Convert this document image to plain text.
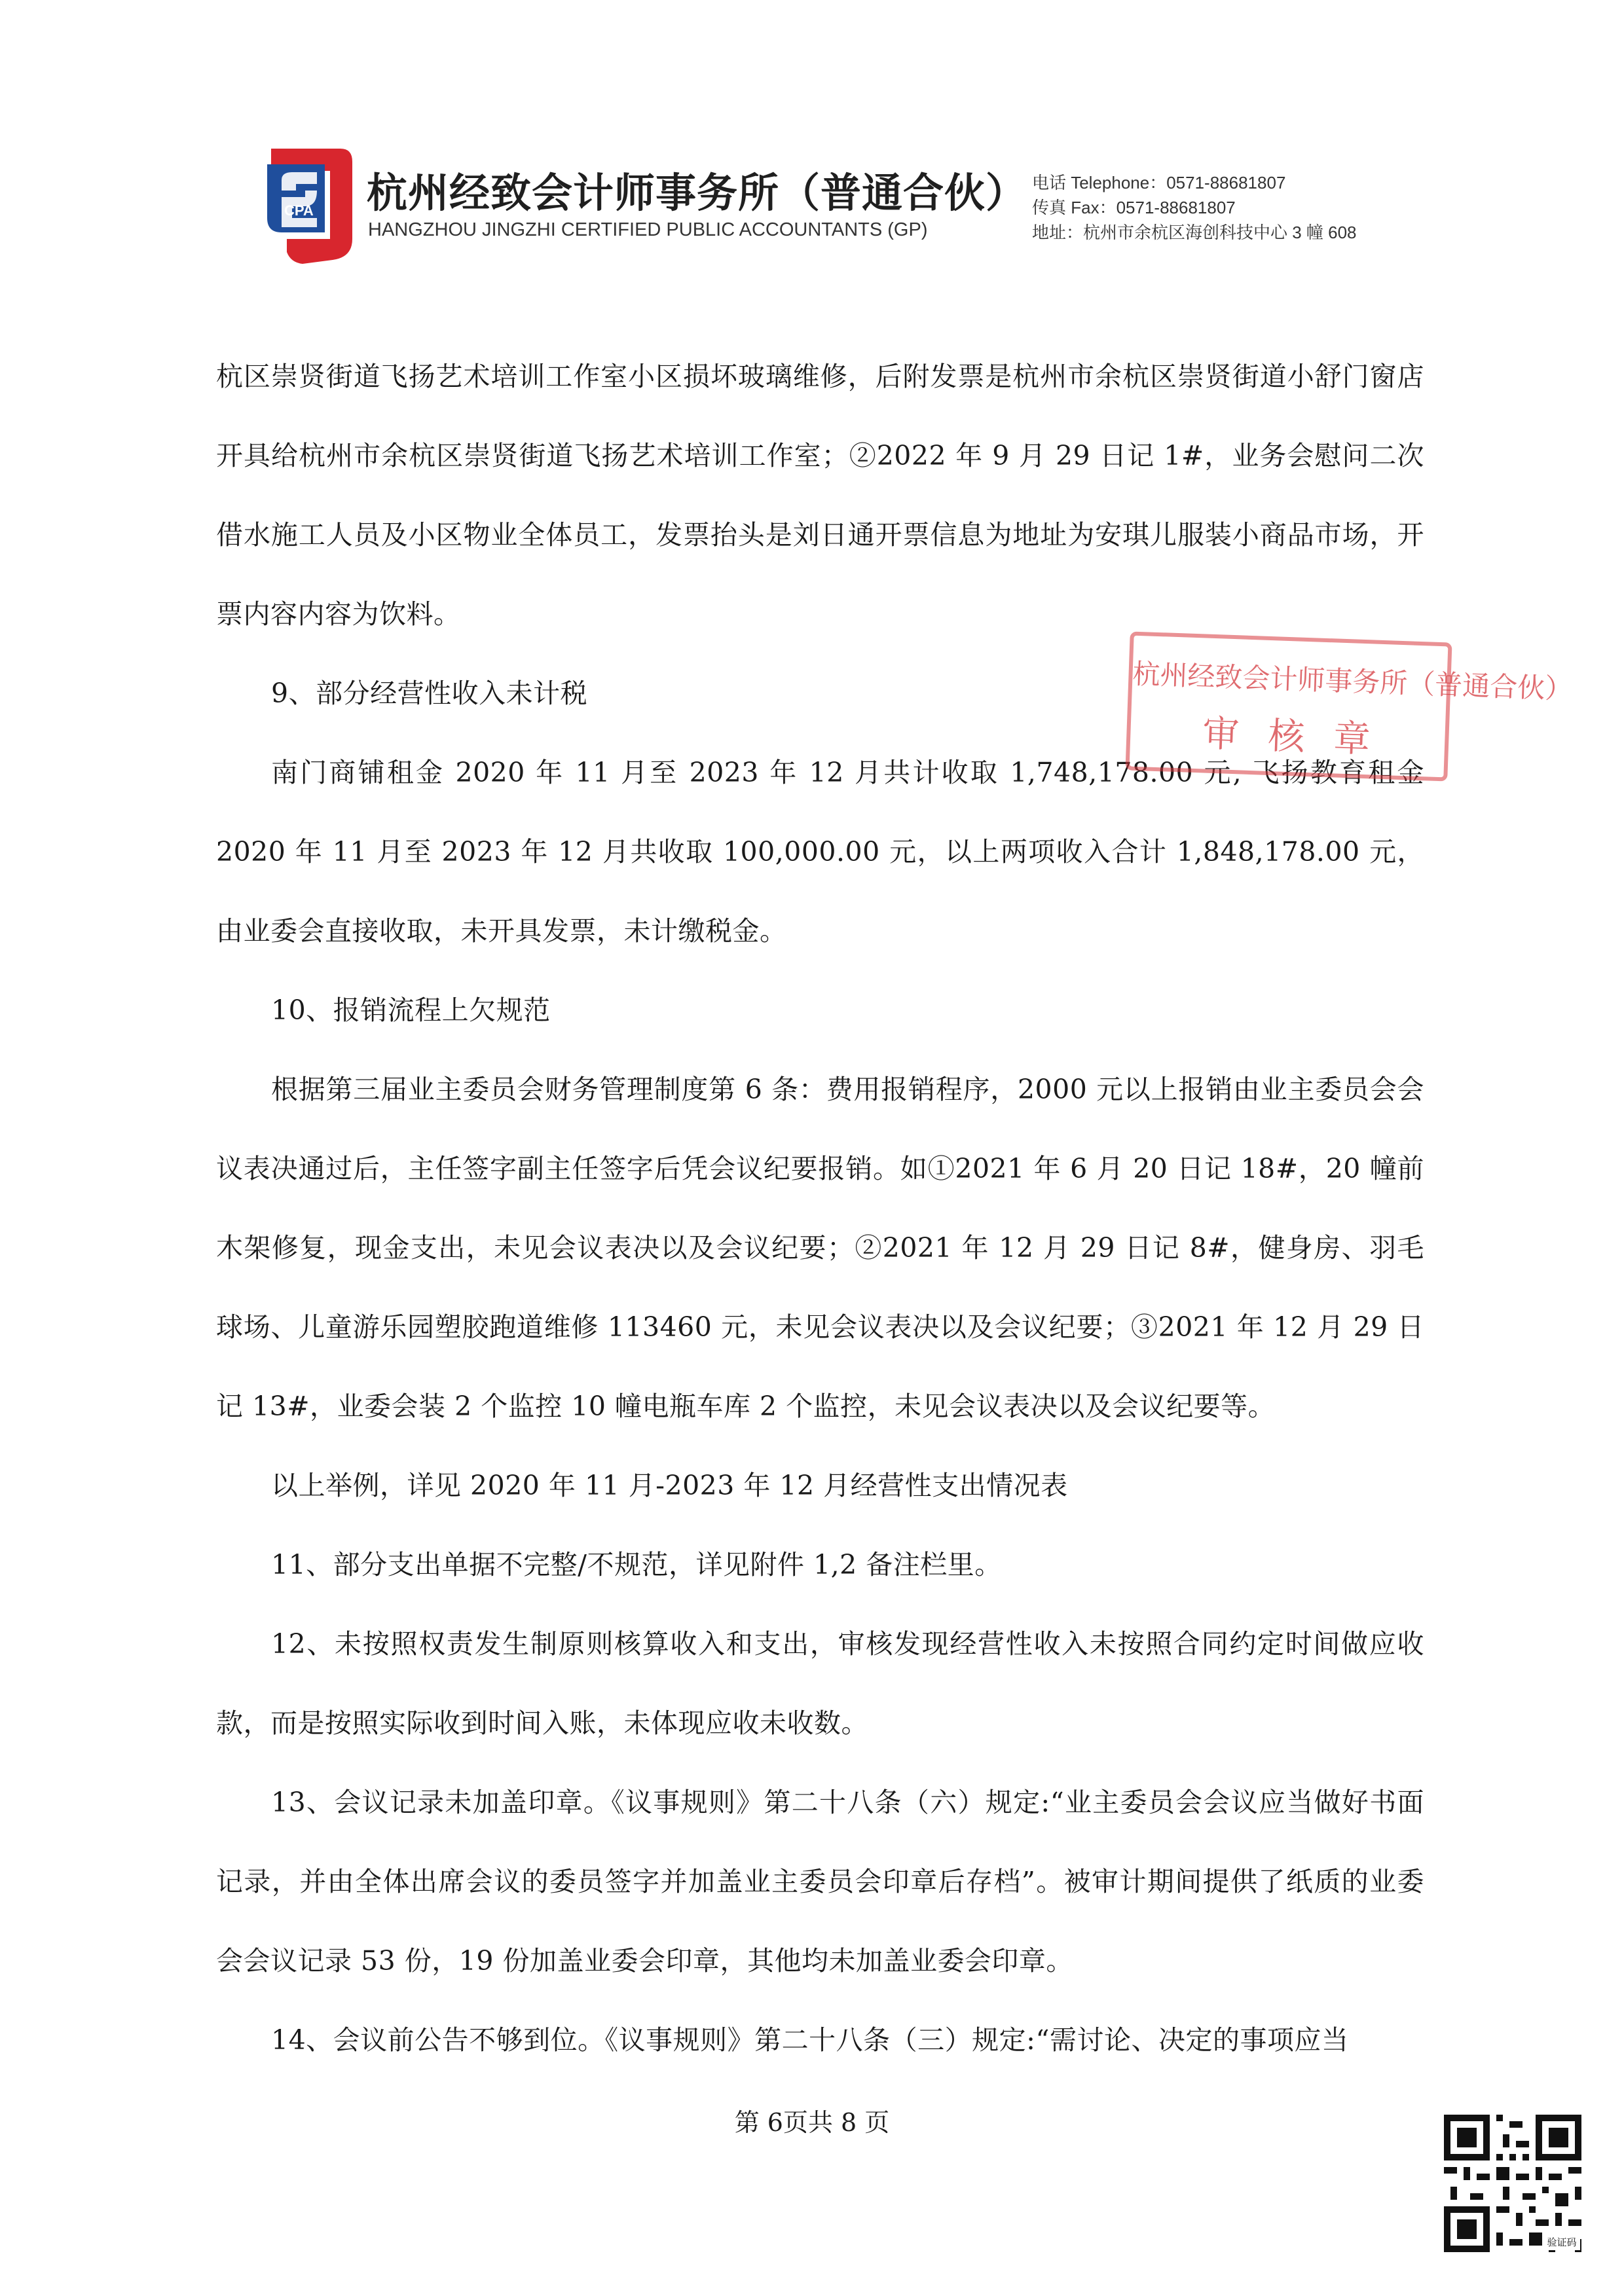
CPA 杭州经致会计师事务所（普通合伙）
HANGZHOU JINGZHI CERTIFIED PUBLIC ACCOUNTANTS (GP)
电话 Telephone：0571-88681807
传真 Fax：0571-88681807
地址：杭州市余杭区海创科技中心 3 幢 608

杭区崇贤街道飞扬艺术培训工作室小区损坏玻璃维修，后附发票是杭州市余杭区崇贤街道小舒门窗店开具给杭州市余杭区崇贤街道飞扬艺术培训工作室；②2022 年 9 月 29 日记 1#，业务会慰问二次借水施工人员及小区物业全体员工，发票抬头是刘日通开票信息为地址为安琪儿服装小商品市场，开票内容内容为饮料。

9、部分经营性收入未计税

南门商铺租金 2020 年 11 月至 2023 年 12 月共计收取 1,748,178.00 元, 飞扬教育租金 2020 年 11 月至 2023 年 12 月共收取 100,000.00 元，以上两项收入合计 1,848,178.00 元，由业委会直接收取，未开具发票，未计缴税金。

10、报销流程上欠规范

根据第三届业主委员会财务管理制度第 6 条：费用报销程序，2000 元以上报销由业主委员会会议表决通过后，主任签字副主任签字后凭会议纪要报销。如①2021 年 6 月 20 日记 18#，20 幢前木架修复，现金支出，未见会议表决以及会议纪要；②2021 年 12 月 29 日记 8#，健身房、羽毛球场、儿童游乐园塑胶跑道维修 113460 元，未见会议表决以及会议纪要；③2021 年 12 月 29 日记 13#，业委会装 2 个监控 10 幢电瓶车库 2 个监控，未见会议表决以及会议纪要等。

以上举例，详见 2020 年 11 月-2023 年 12 月经营性支出情况表

11、部分支出单据不完整/不规范，详见附件 1,2 备注栏里。

12、未按照权责发生制原则核算收入和支出，审核发现经营性收入未按照合同约定时间做应收款，而是按照实际收到时间入账，未体现应收未收数。

13、会议记录未加盖印章。《议事规则》第二十八条（六）规定:“业主委员会会议应当做好书面记录，并由全体出席会议的委员签字并加盖业主委员会印章后存档”。被审计期间提供了纸质的业委会会议记录 53 份，19 份加盖业委会印章，其他均未加盖业委会印章。

14、会议前公告不够到位。《议事规则》第二十八条（三）规定:“需讨论、决定的事项应当

杭州经致会计师事务所（普通合伙）
审核章
第 6页共 8 页
验证码
